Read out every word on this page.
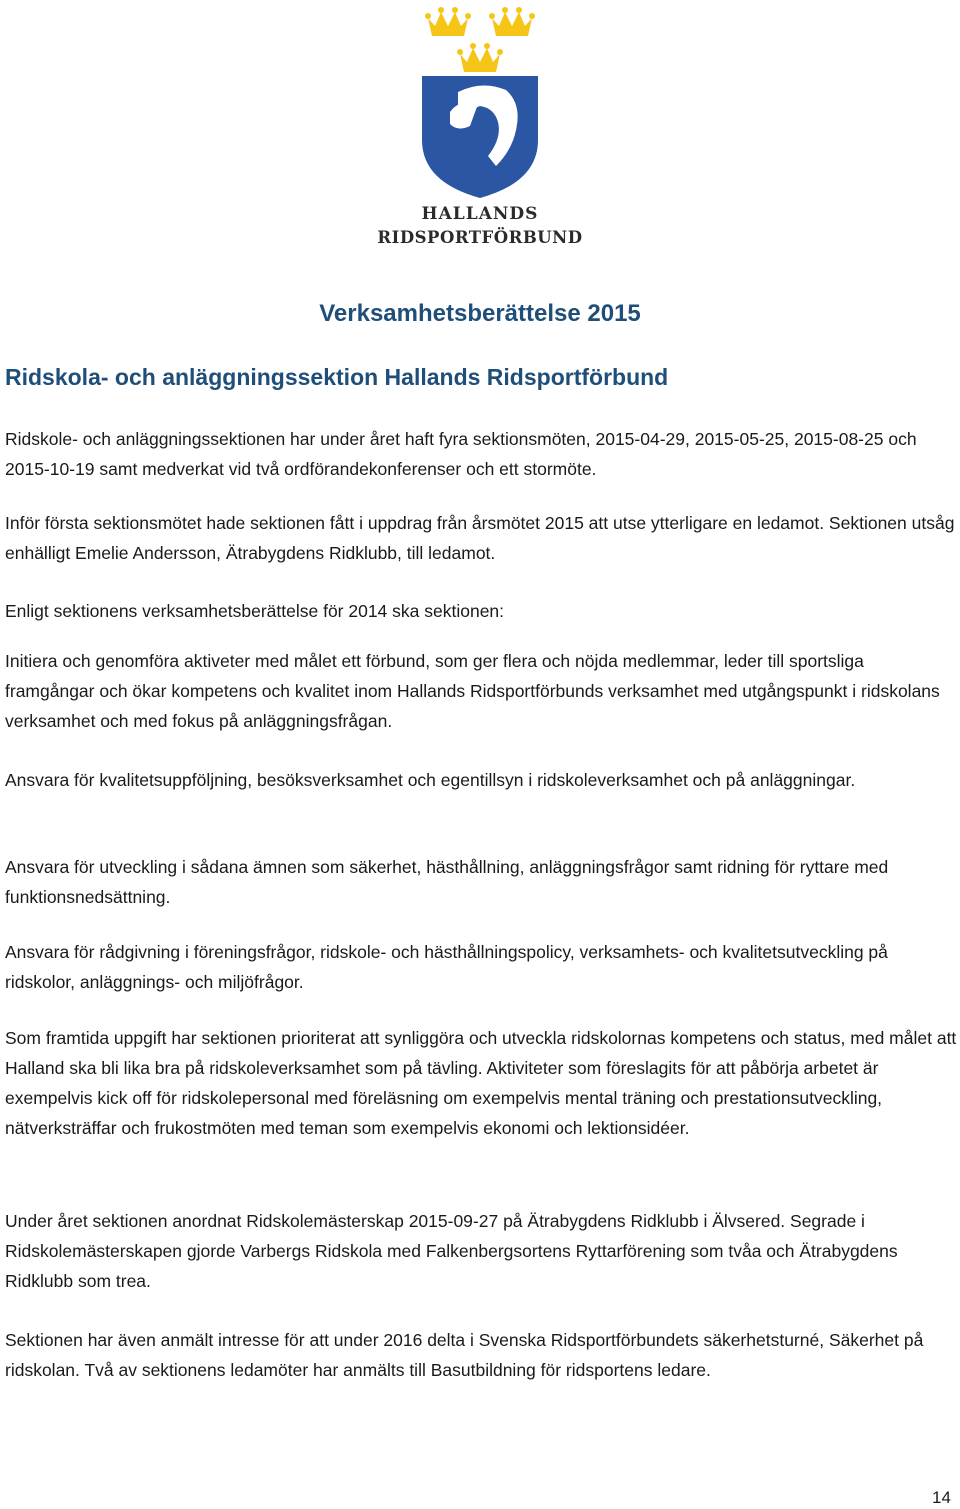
HALLANDS
RIDSPORTFÖRBUND
Verksamhetsberättelse 2015
Ridskola- och anläggningssektion Hallands Ridsportförbund

Ridskole- och anläggningssektionen har under året haft fyra sektionsmöten, 2015-04-29, 2015-05-25, 2015-08-25 och 2015-10-19 samt medverkat vid två ordförandekonferenser och ett stormöte.

Inför första sektionsmötet hade sektionen fått i uppdrag från årsmötet 2015 att utse ytterligare en ledamot. Sektionen utsåg enhälligt Emelie Andersson, Ätrabygdens Ridklubb, till ledamot.

Enligt sektionens verksamhetsberättelse för 2014 ska sektionen:

Initiera och genomföra aktiveter med målet ett förbund, som ger flera och nöjda medlemmar, leder till sportsliga framgångar och ökar kompetens och kvalitet inom Hallands Ridsportförbunds verksamhet med utgångspunkt i ridskolans verksamhet och med fokus på anläggningsfrågan.

Ansvara för kvalitetsuppföljning, besöksverksamhet och egentillsyn i ridskoleverksamhet och på anläggningar.

Ansvara för utveckling i sådana ämnen som säkerhet, hästhållning, anläggningsfrågor samt ridning för ryttare med funktionsnedsättning.

Ansvara för rådgivning i föreningsfrågor, ridskole- och hästhållningspolicy, verksamhets- och kvalitetsutveckling på ridskolor, anläggnings- och miljöfrågor.

Som framtida uppgift har sektionen prioriterat att synliggöra och utveckla ridskolornas kompetens och status, med målet att Halland ska bli lika bra på ridskoleverksamhet som på tävling. Aktiviteter som föreslagits för att påbörja arbetet är exempelvis kick off för ridskolepersonal med föreläsning om exempelvis mental träning och prestationsutveckling, nätverksträffar och frukostmöten med teman som exempelvis ekonomi och lektionsidéer.

Under året sektionen anordnat Ridskolemästerskap 2015-09-27 på Ätrabygdens Ridklubb i Älvsered. Segrade i Ridskolemästerskapen gjorde Varbergs Ridskola med Falkenbergsortens Ryttarförening som tvåa och Ätrabygdens Ridklubb som trea.

Sektionen har även anmält intresse för att under 2016 delta i Svenska Ridsportförbundets säkerhetsturné, Säkerhet på ridskolan. Två av sektionens ledamöter har anmälts till Basutbildning för ridsportens ledare.

14
